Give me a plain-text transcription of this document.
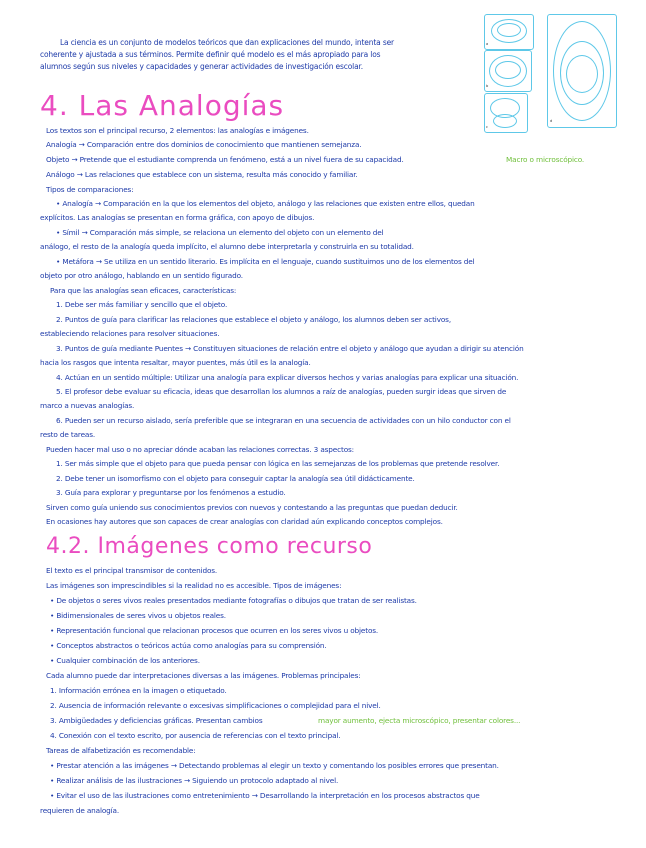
La ciencia es un conjunto de modelos teóricos que dan explicaciones del mundo, intenta ser
coherente y ajustada a sus términos. Permite definir qué modelo es el más apropiado para los
alumnos según sus niveles y capacidades y generar actividades de investigación escolar.
a
b
c
d
4. Las Analogías
Los textos son el principal recurso, 2 elementos: las analogías e imágenes.
Analogía → Comparación entre dos dominios de conocimiento que mantienen semejanza.
Objeto → Pretende que el estudiante comprenda un fenómeno, está a un nivel fuera de su capacidad.	Macro o microscópico.
Análogo → Las relaciones que establece con un sistema, resulta más conocido y familiar.
Tipos de comparaciones:
• Analogía → Comparación en la que los elementos del objeto, análogo y las relaciones que existen entre ellos, quedan
explícitos. Las analogías se presentan en forma gráfica, con apoyo de dibujos.
• Símil → Comparación más simple, se relaciona un elemento del objeto con un elemento del
análogo, el resto de la analogía queda implícito, el alumno debe interpretarla y construirla en su totalidad.
• Metáfora → Se utiliza en un sentido literario. Es implícita en el lenguaje, cuando sustituimos uno de los elementos del
objeto por otro análogo, hablando en un sentido figurado.
Para que las analogías sean eficaces, características:
1. Debe ser más familiar y sencillo que el objeto.
2. Puntos de guía para clarificar las relaciones que establece el objeto y análogo, los alumnos deben ser activos,
estableciendo relaciones para resolver situaciones.
3. Puntos de guía mediante Puentes → Constituyen situaciones de relación entre el objeto y análogo que ayudan a dirigir su atención
hacia los rasgos que intenta resaltar, mayor puentes, más útil es la analogía.
4. Actúan en un sentido múltiple: Utilizar una analogía para explicar diversos hechos y varias analogías para explicar una situación.
5. El profesor debe evaluar su eficacia, ideas que desarrollan los alumnos a raíz de analogías, pueden surgir ideas que sirven de
marco a nuevas analogías.
6. Pueden ser un recurso aislado, sería preferible que se integraran en una secuencia de actividades con un hilo conductor con el
resto de tareas.
Pueden hacer mal uso o no apreciar dónde acaban las relaciones correctas. 3 aspectos:
1. Ser más simple que el objeto para que pueda pensar con lógica en las semejanzas de los problemas que pretende resolver.
2. Debe tener un isomorfismo con el objeto para conseguir captar la analogía sea útil didácticamente.
3. Guía para explorar y preguntarse por los fenómenos a estudio.
Sirven como guía uniendo sus conocimientos previos con nuevos y contestando a las preguntas que puedan deducir.
En ocasiones hay autores que son capaces de crear analogías con claridad aún explicando conceptos complejos.
4.2. Imágenes como recurso
El texto es el principal transmisor de contenidos.
Las imágenes son imprescindibles si la realidad no es accesible. Tipos de imágenes:
• De objetos o seres vivos reales presentados mediante fotografías o dibujos que tratan de ser realistas.
• Bidimensionales de seres vivos u objetos reales.
• Representación funcional que relacionan procesos que ocurren en los seres vivos u objetos.
• Conceptos abstractos o teóricos actúa como analogías para su comprensión.
• Cualquier combinación de los anteriores.
Cada alumno puede dar interpretaciones diversas a las imágenes. Problemas principales:
1. Información errónea en la imagen o etiquetado.
2. Ausencia de información relevante o excesivas simplificaciones o complejidad para el nivel.
3. Ambigüedades y deficiencias gráficas. Presentan cambios	mayor aumento, ejecta microscópico, presentar colores...
4. Conexión con el texto escrito, por ausencia de referencias con el texto principal.
Tareas de alfabetización es recomendable:
• Prestar atención a las imágenes → Detectando problemas al elegir un texto y comentando los posibles errores que presentan.
• Realizar análisis de las ilustraciones → Siguiendo un protocolo adaptado al nivel.
• Evitar el uso de las ilustraciones como entretenimiento → Desarrollando la interpretación en los procesos abstractos que
requieren de analogía.
